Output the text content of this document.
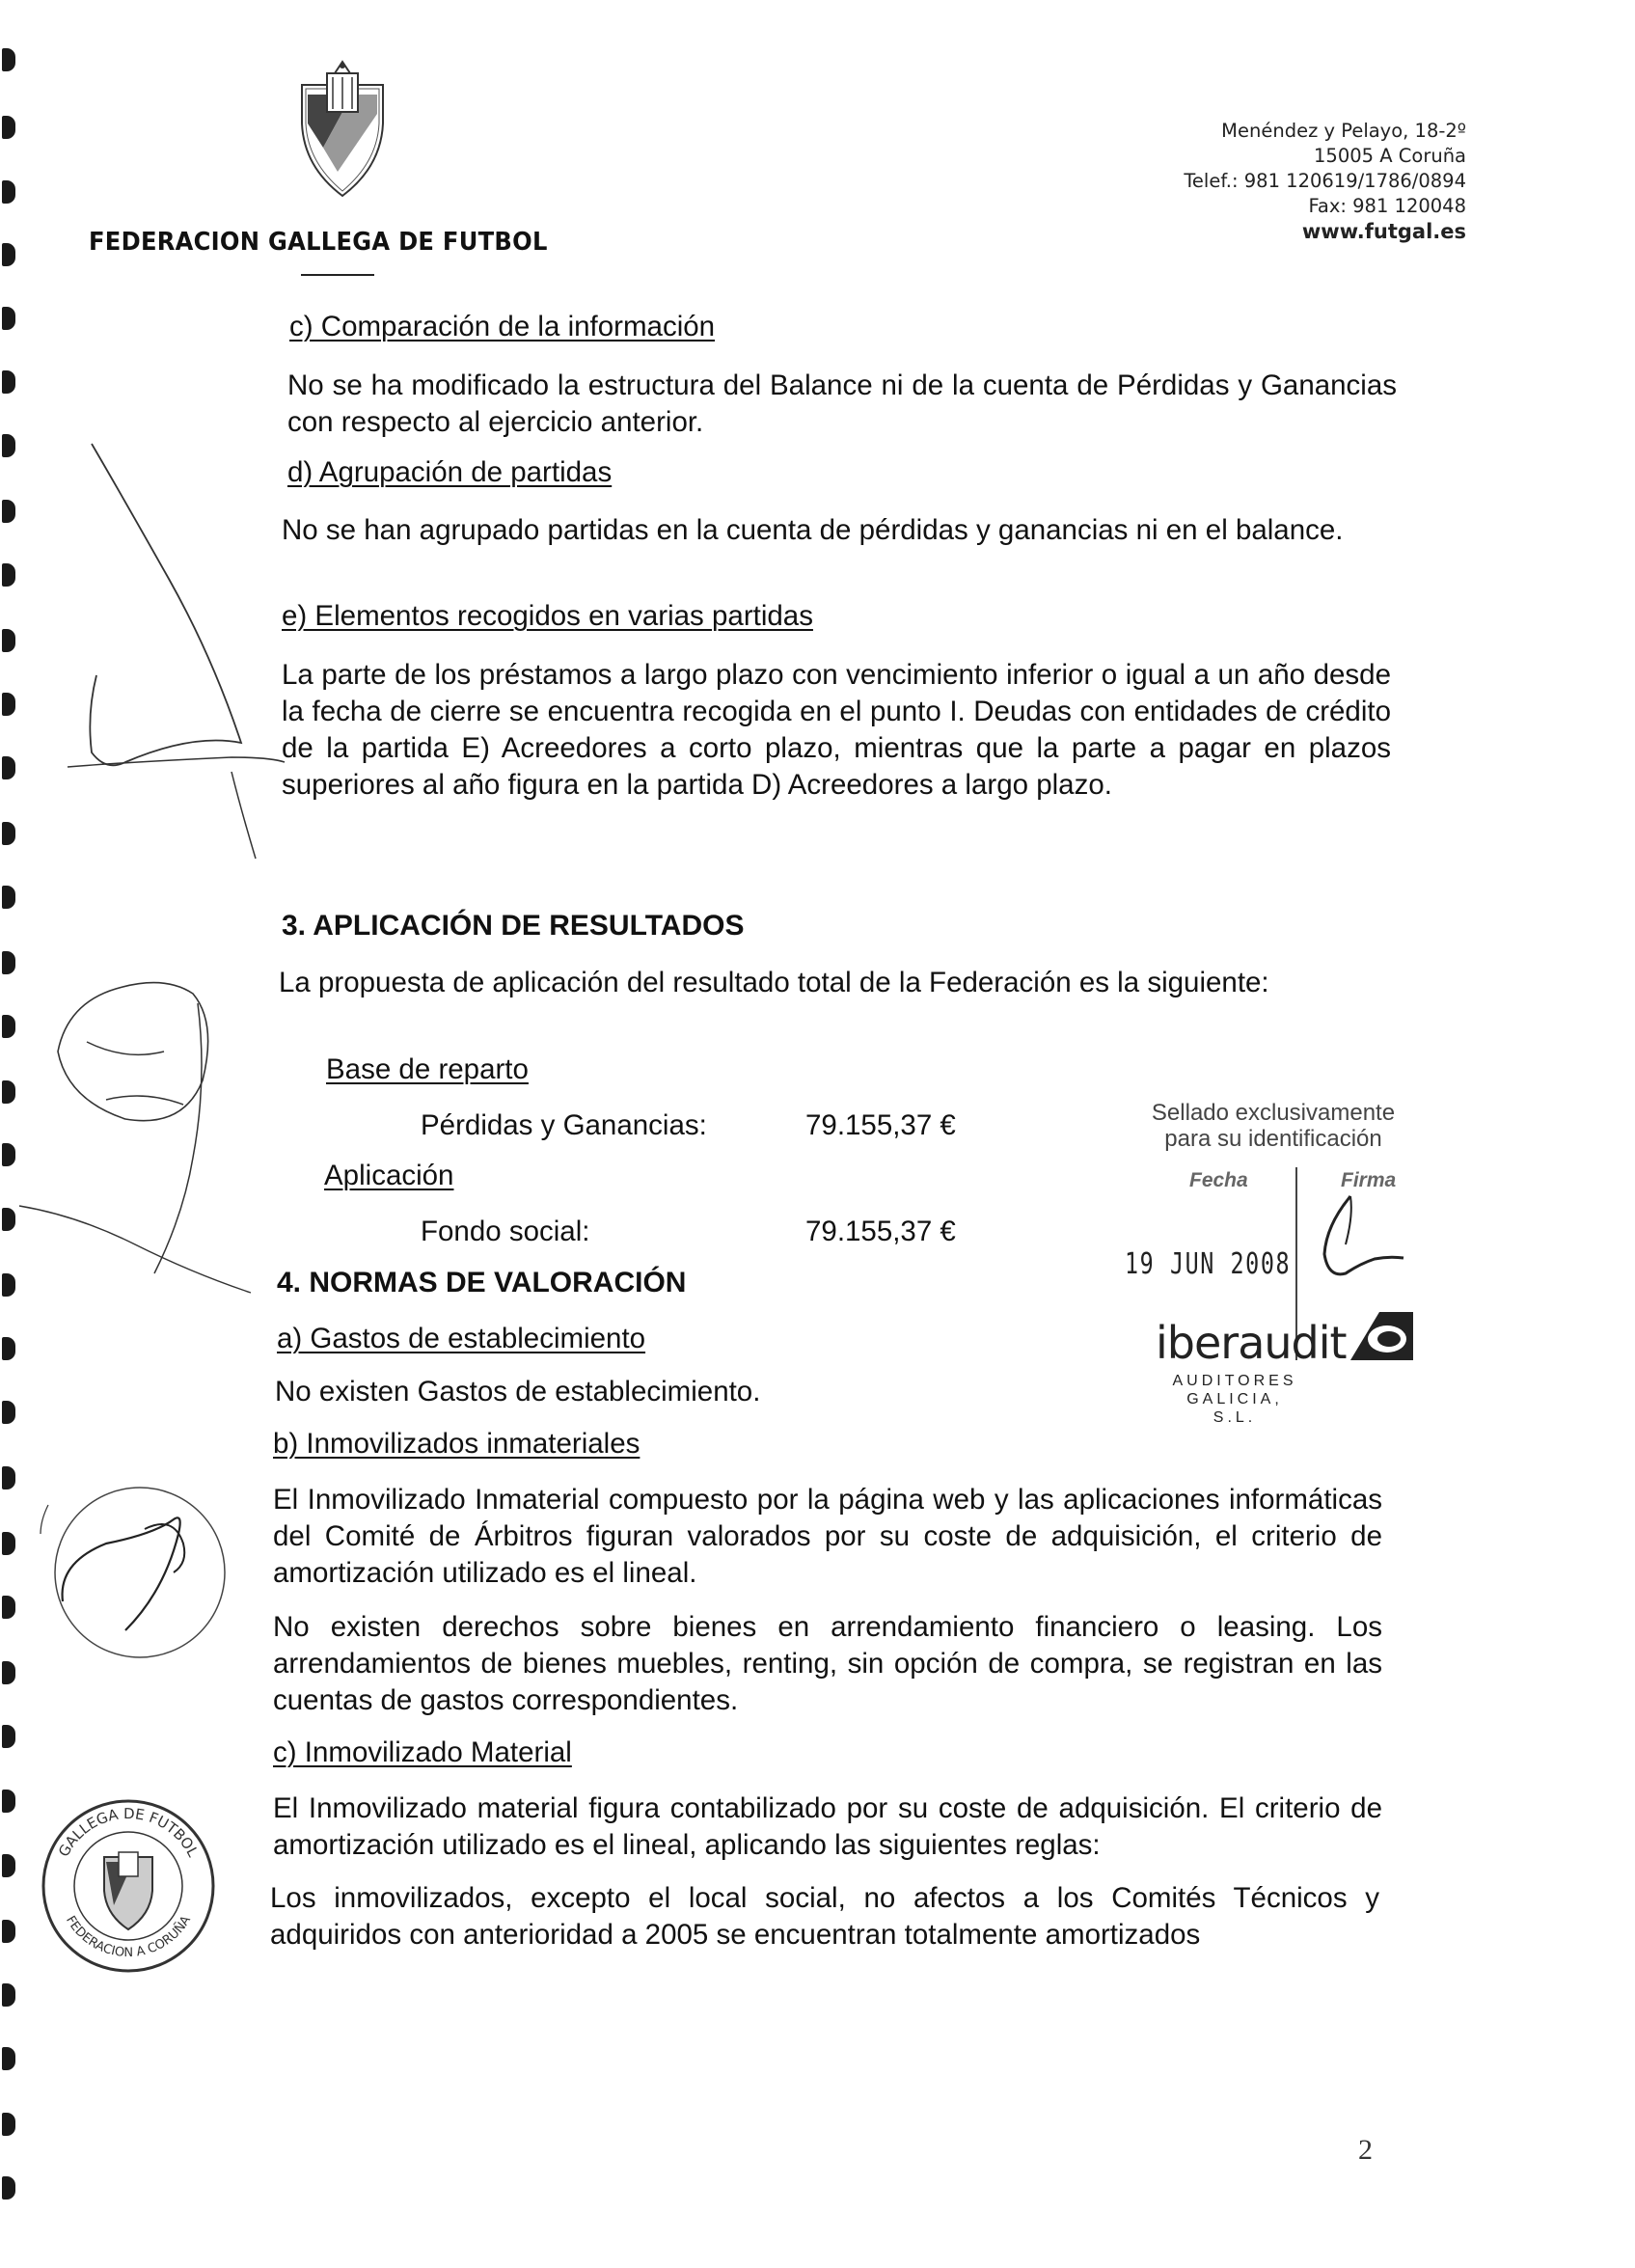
FEDERACION GALLEGA DE FUTBOL
Menéndez y Pelayo, 18-2º
15005 A Coruña
Telef.: 981 120619/1786/0894
Fax: 981 120048
www.futgal.es
c) Comparación de la información
No se ha modificado la estructura del Balance ni de la cuenta de Pérdidas y Ganancias con respecto al ejercicio anterior.
d) Agrupación de partidas
No se han agrupado partidas en la cuenta de pérdidas y ganancias ni en el balance.
e) Elementos recogidos en varias partidas
La parte de los préstamos a largo plazo con vencimiento inferior o igual a un año desde la fecha de cierre se encuentra recogida en el punto I. Deudas con entidades de crédito de la partida E) Acreedores a corto plazo, mientras que la parte a pagar en plazos superiores al año figura en la partida D) Acreedores a largo plazo.
3. APLICACIÓN DE RESULTADOS
La propuesta de aplicación del resultado total de la Federación es la siguiente:
Base de reparto
Pérdidas y Ganancias:	79.155,37 €
Aplicación
Fondo social:	79.155,37 €
4. NORMAS DE VALORACIÓN
a) Gastos de establecimiento
No existen Gastos de establecimiento.
b) Inmovilizados inmateriales
El Inmovilizado Inmaterial compuesto por la página web y las aplicaciones informáticas del Comité de Árbitros figuran valorados por su coste de adquisición, el criterio de amortización utilizado es el lineal.
No existen derechos sobre bienes en arrendamiento financiero o leasing. Los arrendamientos de bienes muebles, renting, sin opción de compra, se registran en las cuentas de gastos correspondientes.
c) Inmovilizado Material
El Inmovilizado material figura contabilizado por su coste de adquisición. El criterio de amortización utilizado es el lineal, aplicando las siguientes reglas:
Los inmovilizados, excepto el local social, no afectos a los Comités Técnicos y adquiridos con anterioridad a 2005 se encuentran totalmente amortizados
Sellado exclusivamente
para su identificación
Fecha	Firma
19 JUN 2008
iberaudit
AUDITORES
GALICIA, S.L.
GALLEGA DE FUTBOL
FEDERACION A CORUÑA
2
